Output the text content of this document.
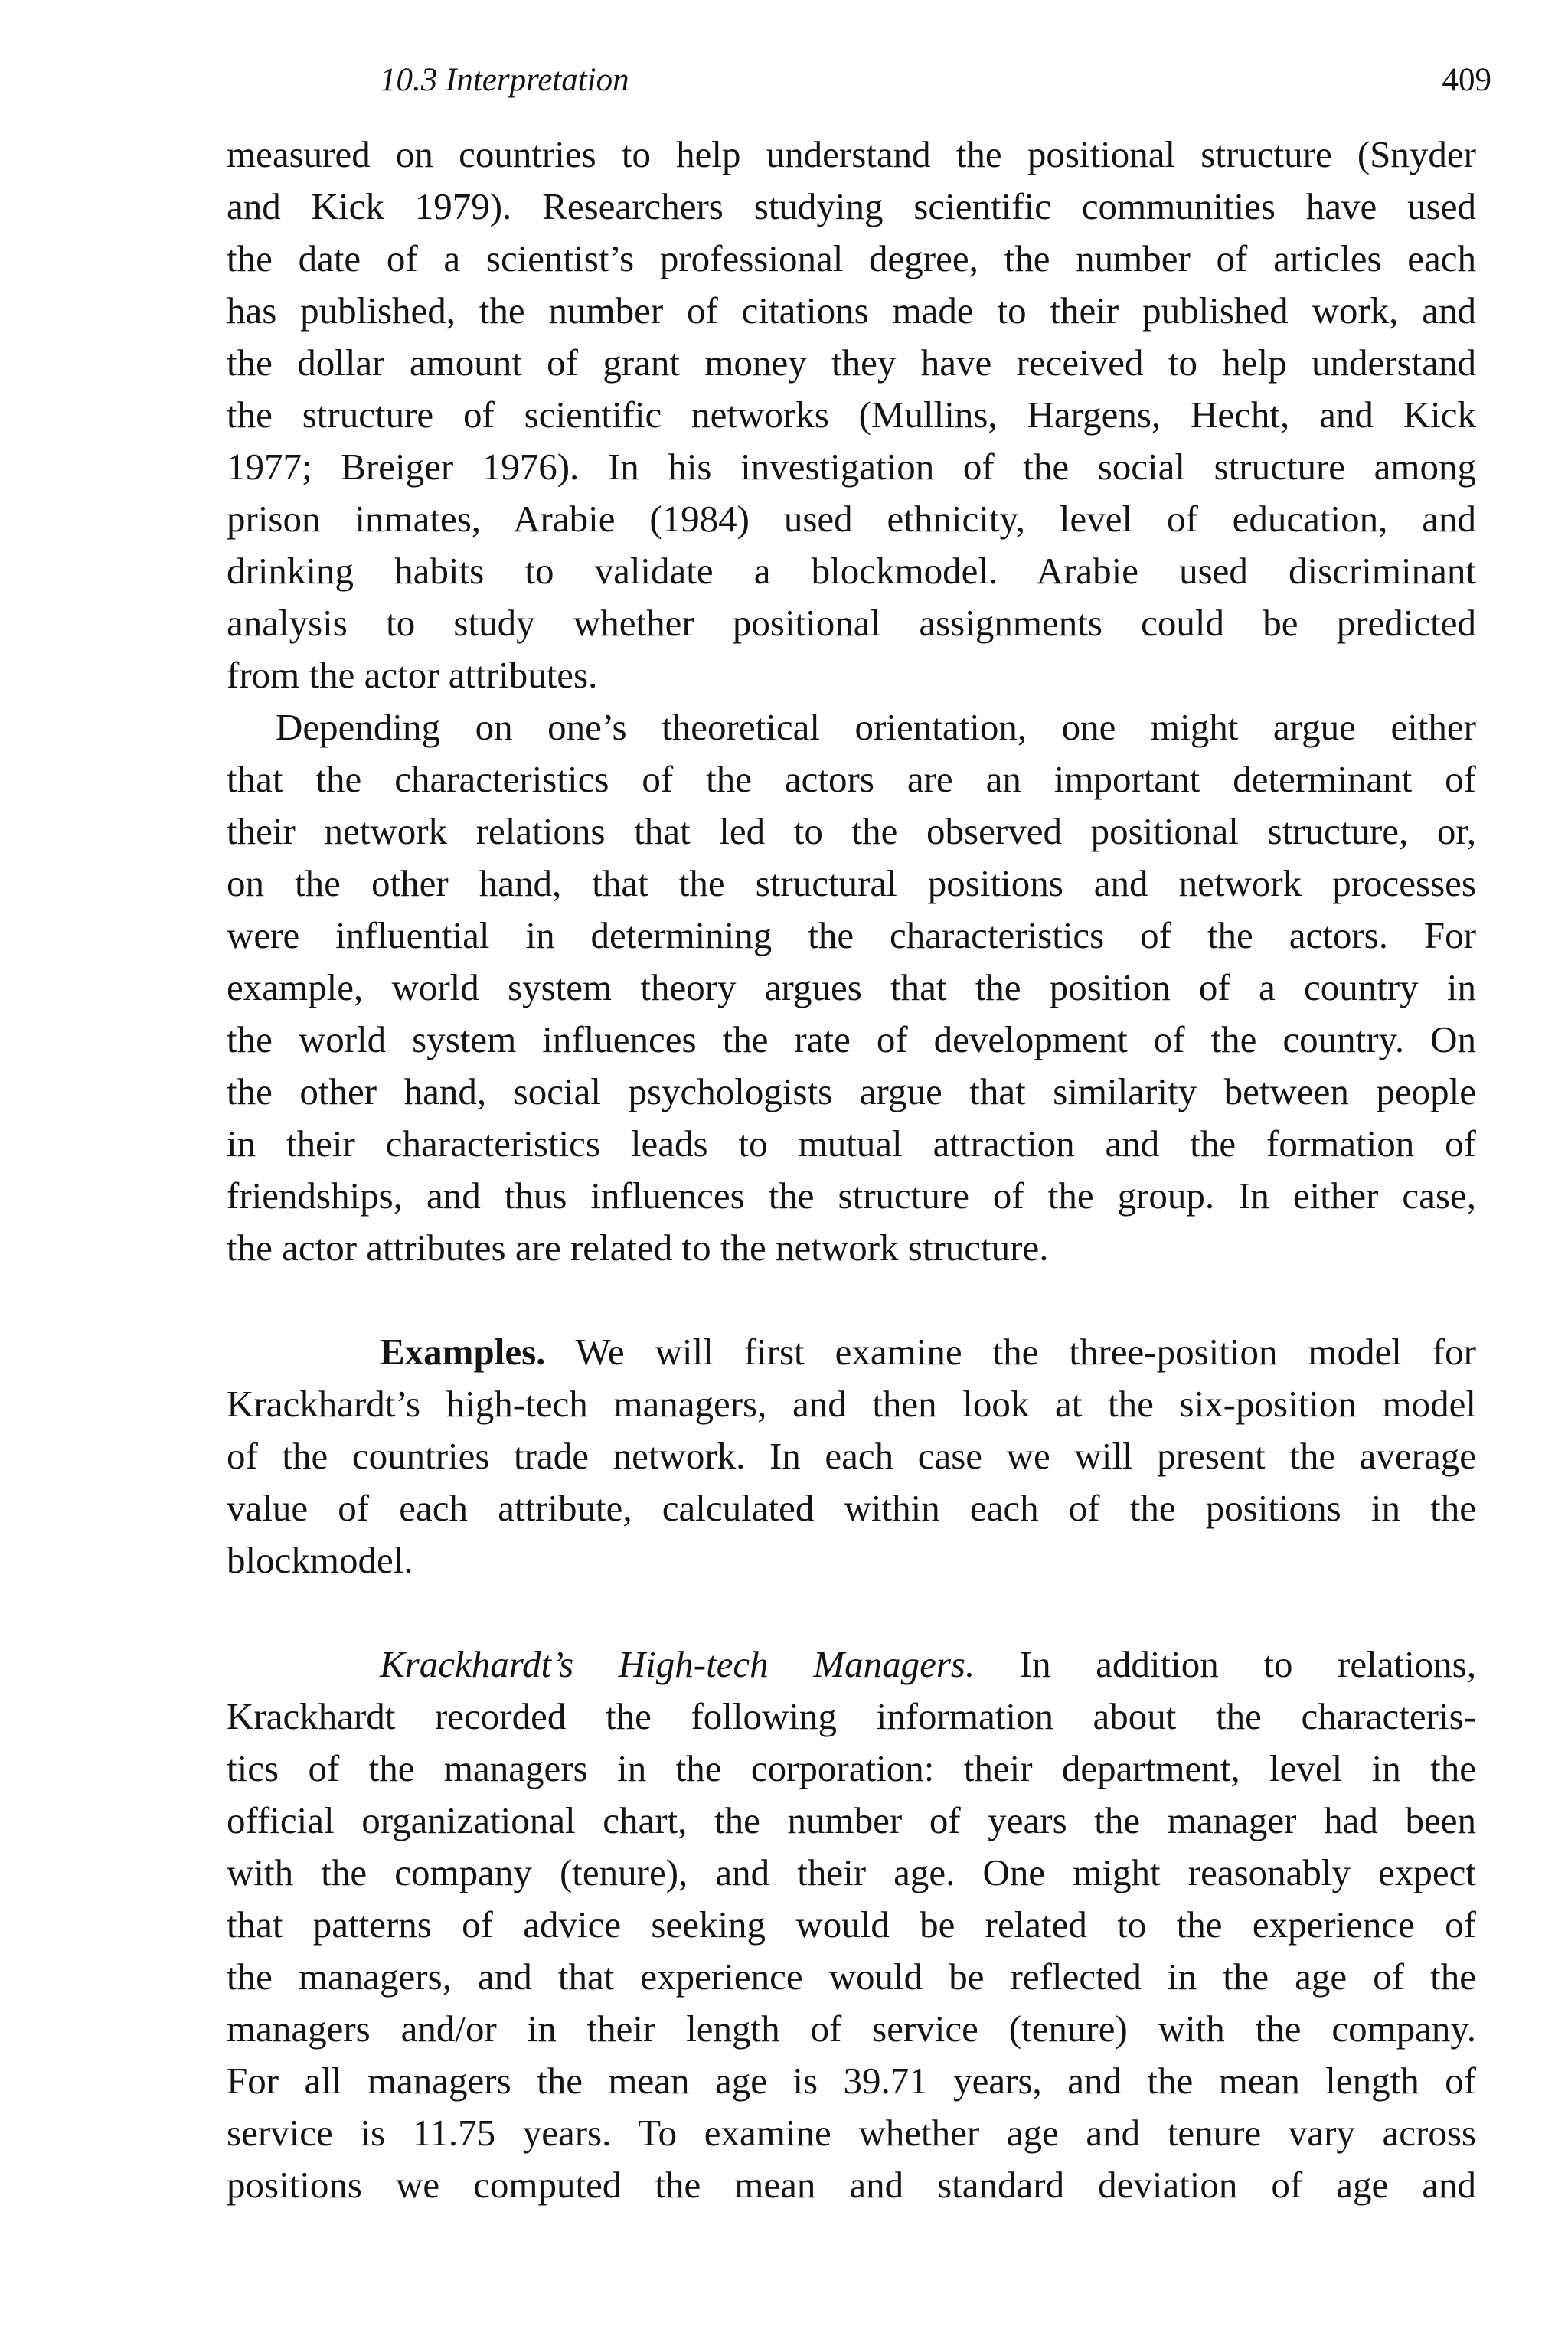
10.3 Interpretation	409
measured on countries to help understand the positional structure (Snyder
and Kick 1979). Researchers studying scientific communities have used
the date of a scientist’s professional degree, the number of articles each
has published, the number of citations made to their published work, and
the dollar amount of grant money they have received to help understand
the structure of scientific networks (Mullins, Hargens, Hecht, and Kick
1977; Breiger 1976). In his investigation of the social structure among
prison inmates, Arabie (1984) used ethnicity, level of education, and
drinking habits to validate a blockmodel. Arabie used discriminant
analysis to study whether positional assignments could be predicted
from the actor attributes.
Depending on one’s theoretical orientation, one might argue either
that the characteristics of the actors are an important determinant of
their network relations that led to the observed positional structure, or,
on the other hand, that the structural positions and network processes
were influential in determining the characteristics of the actors. For
example, world system theory argues that the position of a country in
the world system influences the rate of development of the country. On
the other hand, social psychologists argue that similarity between people
in their characteristics leads to mutual attraction and the formation of
friendships, and thus influences the structure of the group. In either case,
the actor attributes are related to the network structure.
Examples. We will first examine the three-position model for
Krackhardt’s high-tech managers, and then look at the six-position model
of the countries trade network. In each case we will present the average
value of each attribute, calculated within each of the positions in the
blockmodel.
Krackhardt’s High-tech Managers. In addition to relations,
Krackhardt recorded the following information about the characteris-
tics of the managers in the corporation: their department, level in the
official organizational chart, the number of years the manager had been
with the company (tenure), and their age. One might reasonably expect
that patterns of advice seeking would be related to the experience of
the managers, and that experience would be reflected in the age of the
managers and/or in their length of service (tenure) with the company.
For all managers the mean age is 39.71 years, and the mean length of
service is 11.75 years. To examine whether age and tenure vary across
positions we computed the mean and standard deviation of age and
